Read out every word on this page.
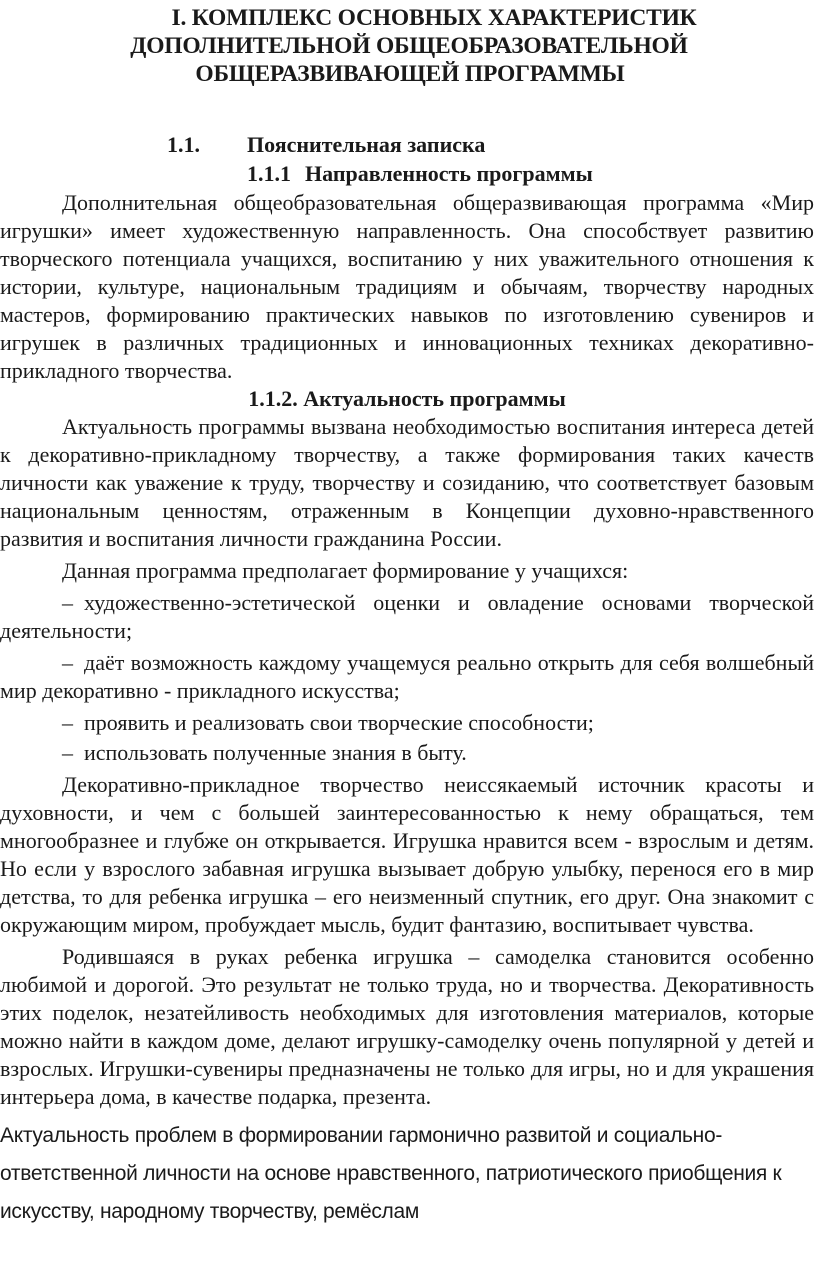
I. КОМПЛЕКС ОСНОВНЫХ ХАРАКТЕРИСТИК
ДОПОЛНИТЕЛЬНОЙ ОБЩЕОБРАЗОВАТЕЛЬНОЙ
ОБЩЕРАЗВИВАЮЩЕЙ ПРОГРАММЫ
1.1.	Пояснительная записка
1.1.1 Направленность программы

Дополнительная общеобразовательная общеразвивающая программа «Мир игрушки» имеет художественную направленность. Она способствует развитию творческого потенциала учащихся, воспитанию у них уважительного отношения к истории, культуре, национальным традициям и обычаям, творчеству народных мастеров, формированию практических навыков по изготовлению сувениров и игрушек в различных традиционных и инновационных техниках декоративно-прикладного творчества.

1.1.2. Актуальность программы

Актуальность программы вызвана необходимостью воспитания интереса детей к декоративно-прикладному творчеству, а также формирования таких качеств личности как уважение к труду, творчеству и созиданию, что соответствует базовым национальным ценностям, отраженным в Концепции духовно-нравственного развития и воспитания личности гражданина России.

Данная программа предполагает формирование у учащихся:

– художественно-эстетической оценки и овладение основами творческой деятельности;

– даёт возможность каждому учащемуся реально открыть для себя волшебный мир декоративно - прикладного искусства;

– проявить и реализовать свои творческие способности;

– использовать полученные знания в быту.

Декоративно-прикладное творчество неиссякаемый источник красоты и духовности, и чем с большей заинтересованностью к нему обращаться, тем многообразнее и глубже он открывается. Игрушка нравится всем - взрослым и детям. Но если у взрослого забавная игрушка вызывает добрую улыбку, перенося его в мир детства, то для ребенка игрушка – его неизменный спутник, его друг. Она знакомит с окружающим миром, пробуждает мысль, будит фантазию, воспитывает чувства.

Родившаяся в руках ребенка игрушка – самоделка становится особенно любимой и дорогой. Это результат не только труда, но и творчества. Декоративность этих поделок, незатейливость необходимых для изготовления материалов, которые можно найти в каждом доме, делают игрушку-самоделку очень популярной у детей и взрослых. Игрушки-сувениры предназначены не только для игры, но и для украшения интерьера дома, в качестве подарка, презента.

Актуальность проблем в формировании гармонично развитой и социально-ответственной личности на основе нравственного, патриотического приобщения к искусству, народному творчеству, ремёслам
